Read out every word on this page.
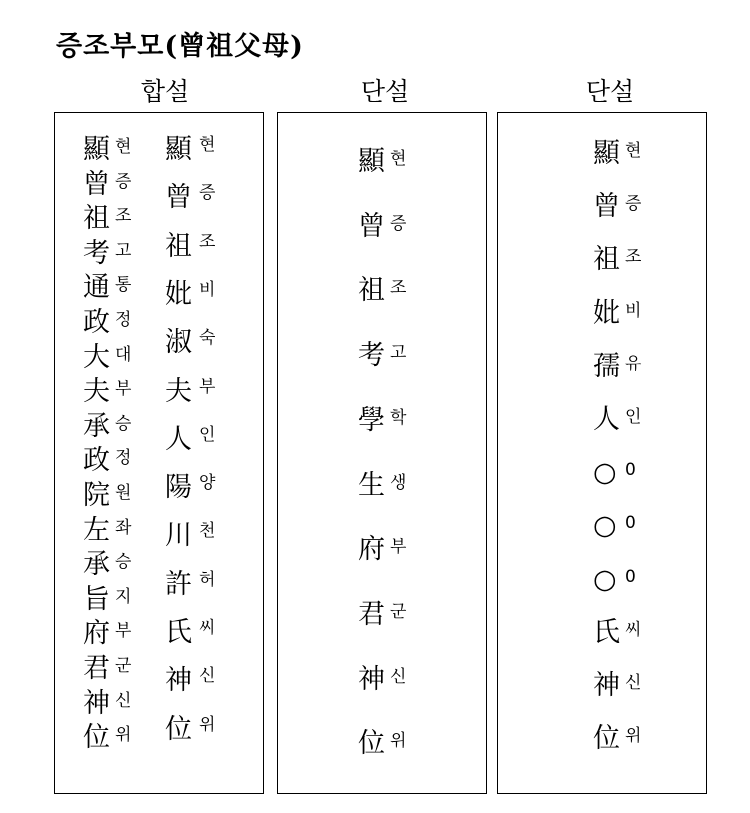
증조부모(曾祖父母)
합설	단설	단설
顯 현
曾 증
祖 조
考 고
通 통
政 정
大 대
夫 부
承 승
政 정
院 원
左 좌
承 승
旨 지
府 부
君 군
神 신
位 위
顯 현
曾 증
祖 조
妣 비
淑 숙
夫 부
人 인
陽 양
川 천
許 허
氏 씨
神 신
位 위
顯 현
曾 증
祖 조
考 고
學 학
生 생
府 부
君 군
神 신
位 위
顯 현
曾 증
祖 조
妣 비
孺 유
人 인
○ 0
○ 0
○ 0
氏 씨
神 신
位 위
